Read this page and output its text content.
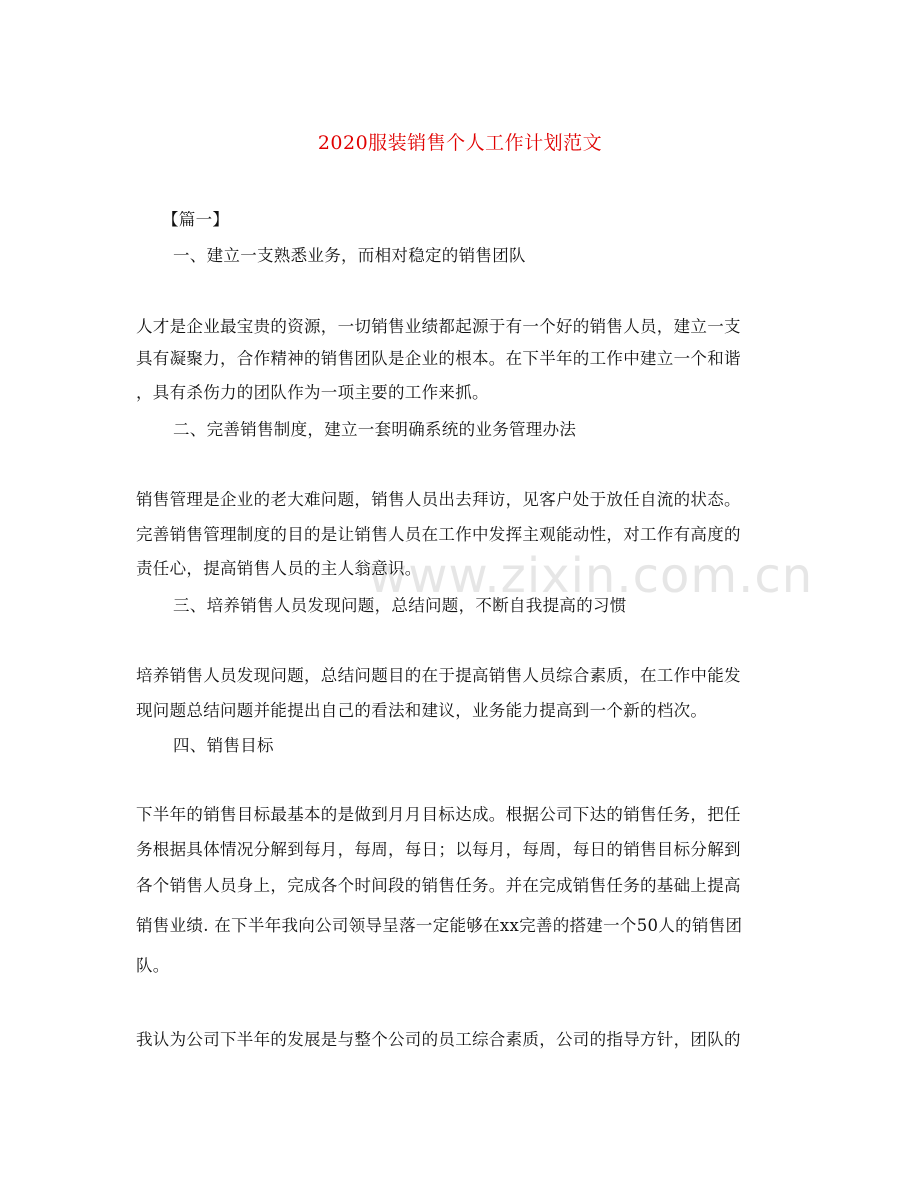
2020服装销售个人工作计划范文
www.zixin.com.cn
【篇一】
一、建立一支熟悉业务，而相对稳定的销售团队
人才是企业最宝贵的资源，一切销售业绩都起源于有一个好的销售人员，建立一支
具有凝聚力，合作精神的销售团队是企业的根本。在下半年的工作中建立一个和谐
，具有杀伤力的团队作为一项主要的工作来抓。
二、完善销售制度，建立一套明确系统的业务管理办法
销售管理是企业的老大难问题，销售人员出去拜访，见客户处于放任自流的状态。
完善销售管理制度的目的是让销售人员在工作中发挥主观能动性，对工作有高度的
责任心，提高销售人员的主人翁意识。
三、培养销售人员发现问题，总结问题，不断自我提高的习惯
培养销售人员发现问题，总结问题目的在于提高销售人员综合素质，在工作中能发
现问题总结问题并能提出自己的看法和建议，业务能力提高到一个新的档次。
四、销售目标
下半年的销售目标最基本的是做到月月目标达成。根据公司下达的销售任务，把任
务根据具体情况分解到每月，每周，每日；以每月，每周，每日的销售目标分解到
各个销售人员身上，完成各个时间段的销售任务。并在完成销售任务的基础上提高
销售业绩. 在下半年我向公司领导呈落一定能够在xx完善的搭建一个50人的销售团
队。
我认为公司下半年的发展是与整个公司的员工综合素质，公司的指导方针，团队的
